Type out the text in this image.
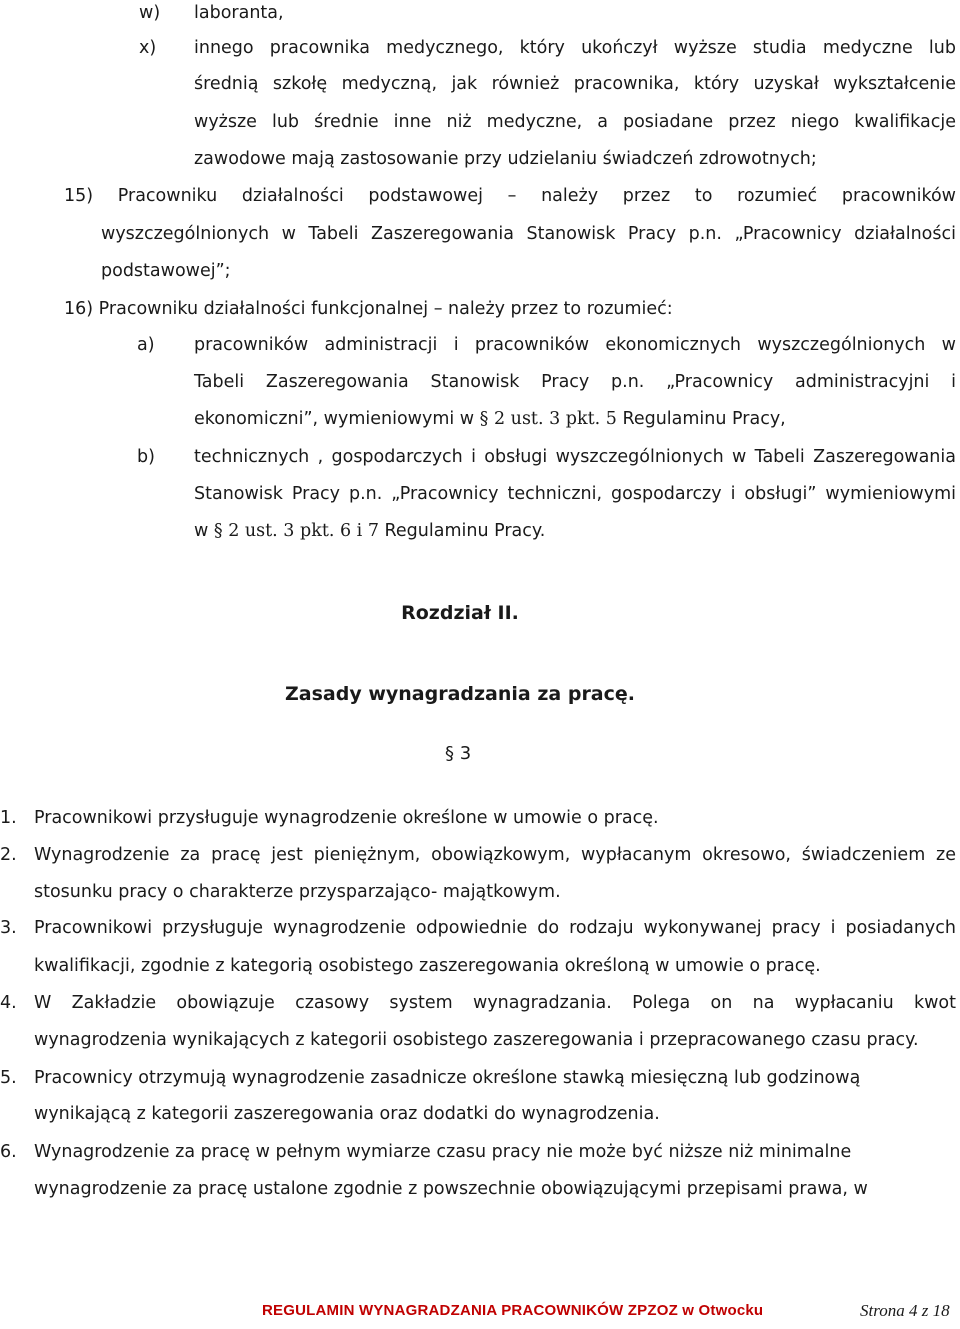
w) laboranta,
x) innego pracownika medycznego, który ukończył wyższe studia medyczne lub
średnią szkołę medyczną, jak również pracownika, który uzyskał wykształcenie
wyższe lub średnie inne niż medyczne, a posiadane przez niego kwalifikacje
zawodowe mają zastosowanie przy udzielaniu świadczeń zdrowotnych;
15) Pracowniku działalności podstawowej – należy przez to rozumieć pracowników
wyszczególnionych w Tabeli Zaszeregowania Stanowisk Pracy p.n. „Pracownicy działalności
podstawowej”;
16) Pracowniku działalności funkcjonalnej – należy przez to rozumieć:
a) pracowników administracji i pracowników ekonomicznych wyszczególnionych w
Tabeli Zaszeregowania Stanowisk Pracy p.n. „Pracownicy administracyjni i
ekonomiczni”, wymieniowymi w § 2 ust. 3 pkt. 5 Regulaminu Pracy,
b) technicznych , gospodarczych i obsługi wyszczególnionych w Tabeli Zaszeregowania
Stanowisk Pracy p.n. „Pracownicy techniczni, gospodarczy i obsługi” wymieniowymi
w § 2 ust. 3 pkt. 6 i 7 Regulaminu Pracy.
Rozdział II.
Zasady wynagradzania za pracę.
§ 3
1. Pracownikowi przysługuje wynagrodzenie określone w umowie o pracę.
2. Wynagrodzenie za pracę jest pieniężnym, obowiązkowym, wypłacanym okresowo, świadczeniem ze
stosunku pracy o charakterze przysparzająco- majątkowym.
3. Pracownikowi przysługuje wynagrodzenie odpowiednie do rodzaju wykonywanej pracy i posiadanych
kwalifikacji, zgodnie z kategorią osobistego zaszeregowania określoną w umowie o pracę.
4. W Zakładzie obowiązuje czasowy system wynagradzania. Polega on na wypłacaniu kwot
wynagrodzenia wynikających z kategorii osobistego zaszeregowania i przepracowanego czasu pracy.
5. Pracownicy otrzymują wynagrodzenie zasadnicze określone stawką miesięczną lub godzinową
wynikającą z kategorii zaszeregowania oraz dodatki do wynagrodzenia.
6. Wynagrodzenie za pracę w pełnym wymiarze czasu pracy nie może być niższe niż minimalne
wynagrodzenie za pracę ustalone zgodnie z powszechnie obowiązującymi przepisami prawa, w
REGULAMIN WYNAGRADZANIA PRACOWNIKÓW ZPZOZ w Otwocku	Strona 4 z 18
